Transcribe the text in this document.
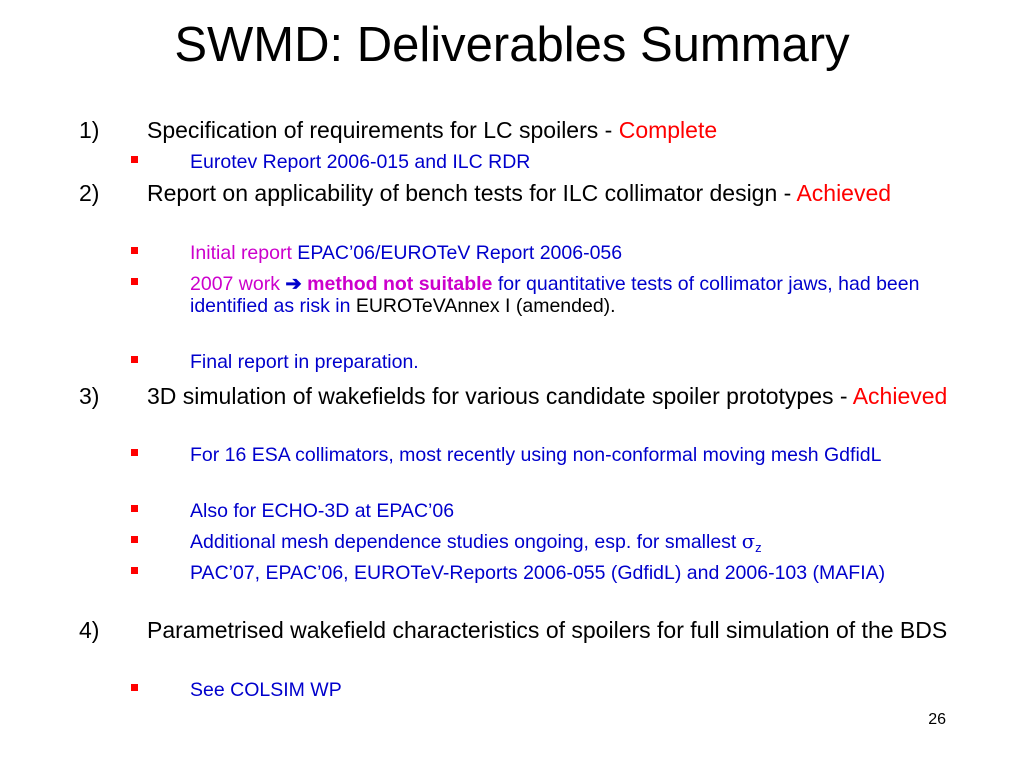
SWMD: Deliverables Summary
1) Specification of requirements for LC spoilers - Complete
Eurotev Report 2006-015 and ILC RDR
2) Report on applicability of bench tests for ILC collimator design - Achieved
Initial report EPAC’06/EUROTeV Report 2006-056
2007 work ➔ method not suitable for quantitative tests of collimator jaws, had been identified as risk in EUROTeVAnnex I (amended).
Final report in preparation.
3) 3D simulation of wakefields for various candidate spoiler prototypes - Achieved
For 16 ESA collimators, most recently using non-conformal moving mesh GdfidL
Also for ECHO-3D at EPAC’06
Additional mesh dependence studies ongoing, esp. for smallest $\sigma_z$
PAC’07, EPAC’06, EUROTeV-Reports 2006-055 (GdfidL) and 2006-103 (MAFIA)
4) Parametrised wakefield characteristics of spoilers for full simulation of the BDS
See COLSIM WP
26
